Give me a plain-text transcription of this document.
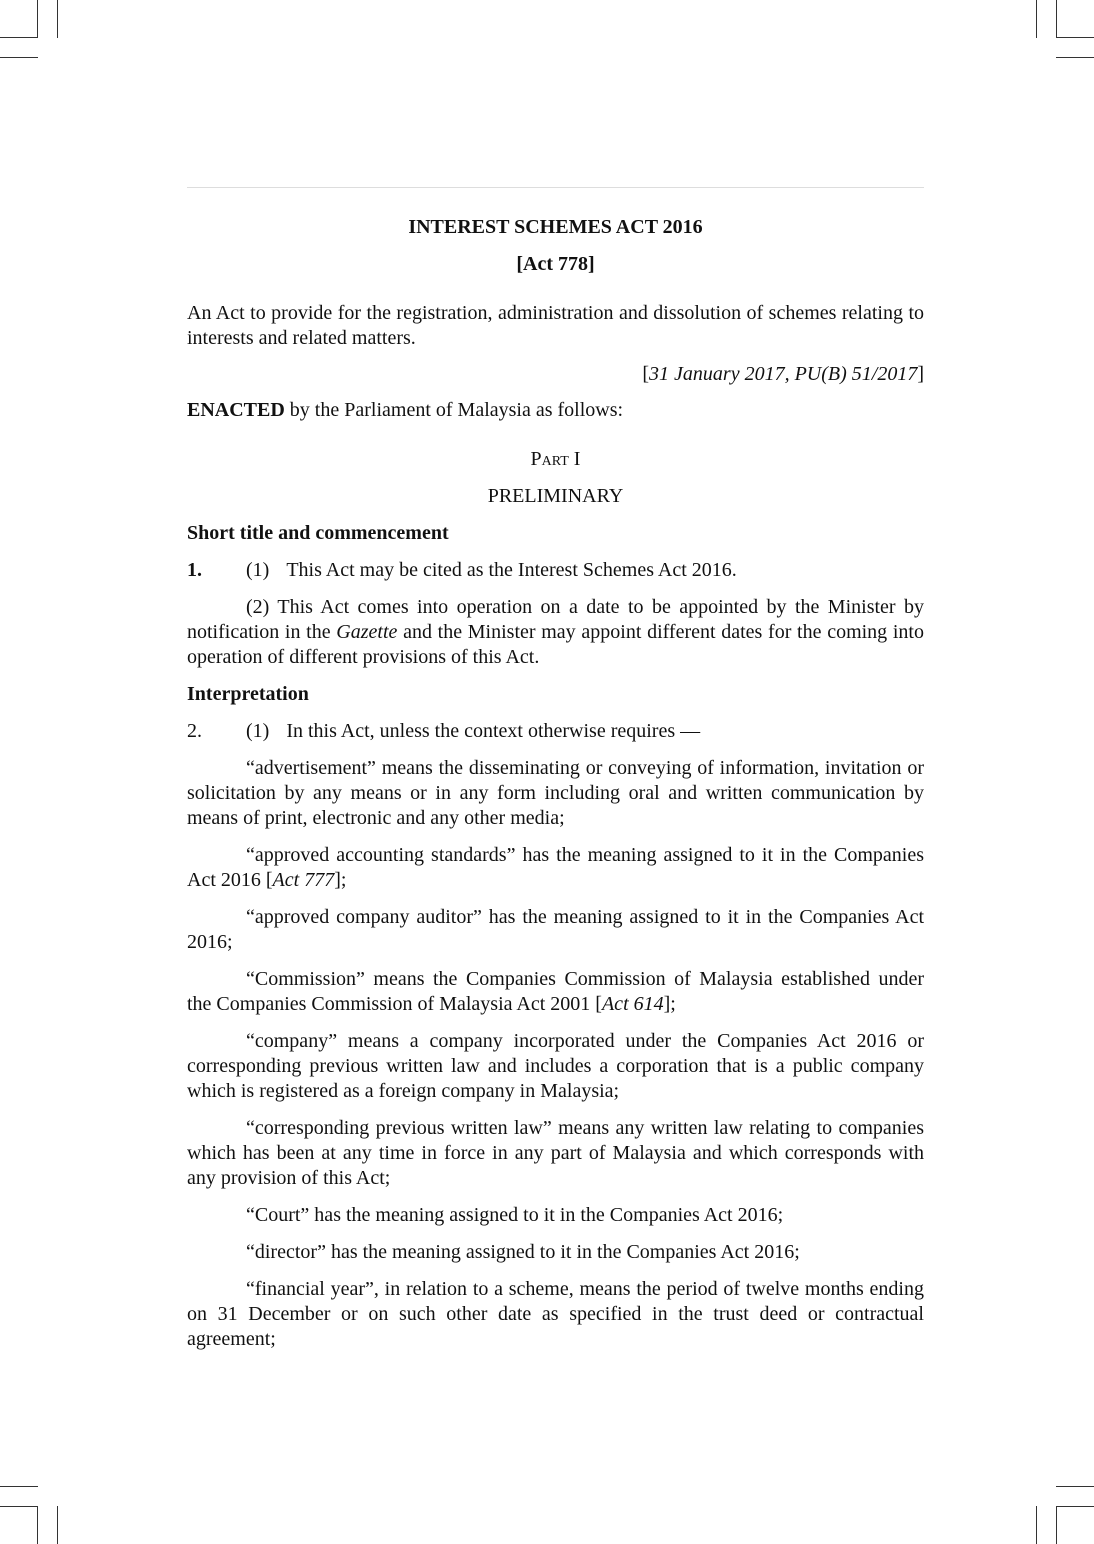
INTEREST SCHEMES ACT 2016

[Act 778]

An Act to provide for the registration, administration and dissolution of schemes relating to interests and related matters.

[31 January 2017, PU(B) 51/2017]

ENACTED by the Parliament of Malaysia as follows:

Part I

PRELIMINARY

Short title and commencement

1.	(1) This Act may be cited as the Interest Schemes Act 2016.

(2) This Act comes into operation on a date to be appointed by the Minister by notification in the Gazette and the Minister may appoint different dates for the coming into operation of different provisions of this Act.

Interpretation

2.	(1) In this Act, unless the context otherwise requires —

“advertisement” means the disseminating or conveying of information, invitation or solicitation by any means or in any form including oral and written communication by means of print, electronic and any other media;

“approved accounting standards” has the meaning assigned to it in the Companies Act 2016 [Act 777];

“approved company auditor” has the meaning assigned to it in the Companies Act  2016;

“Commission” means the Companies Commission of Malaysia established under the Companies Commission of Malaysia Act 2001 [Act 614];

“company” means a company incorporated under the Companies Act 2016 or corresponding previous written law and includes a corporation that is a public company which is registered as a foreign company in Malaysia;

“corresponding previous written law” means any written law relating to companies which has been at any time in force in any part of Malaysia and which corresponds with any provision of this Act;

“Court” has the meaning assigned to it in the Companies Act 2016;

“director” has the meaning assigned to it in the Companies Act 2016;

“financial year”, in relation to a scheme, means the period of twelve months ending on 31 December or on such other date as specified in the trust deed or contractual agreement;
